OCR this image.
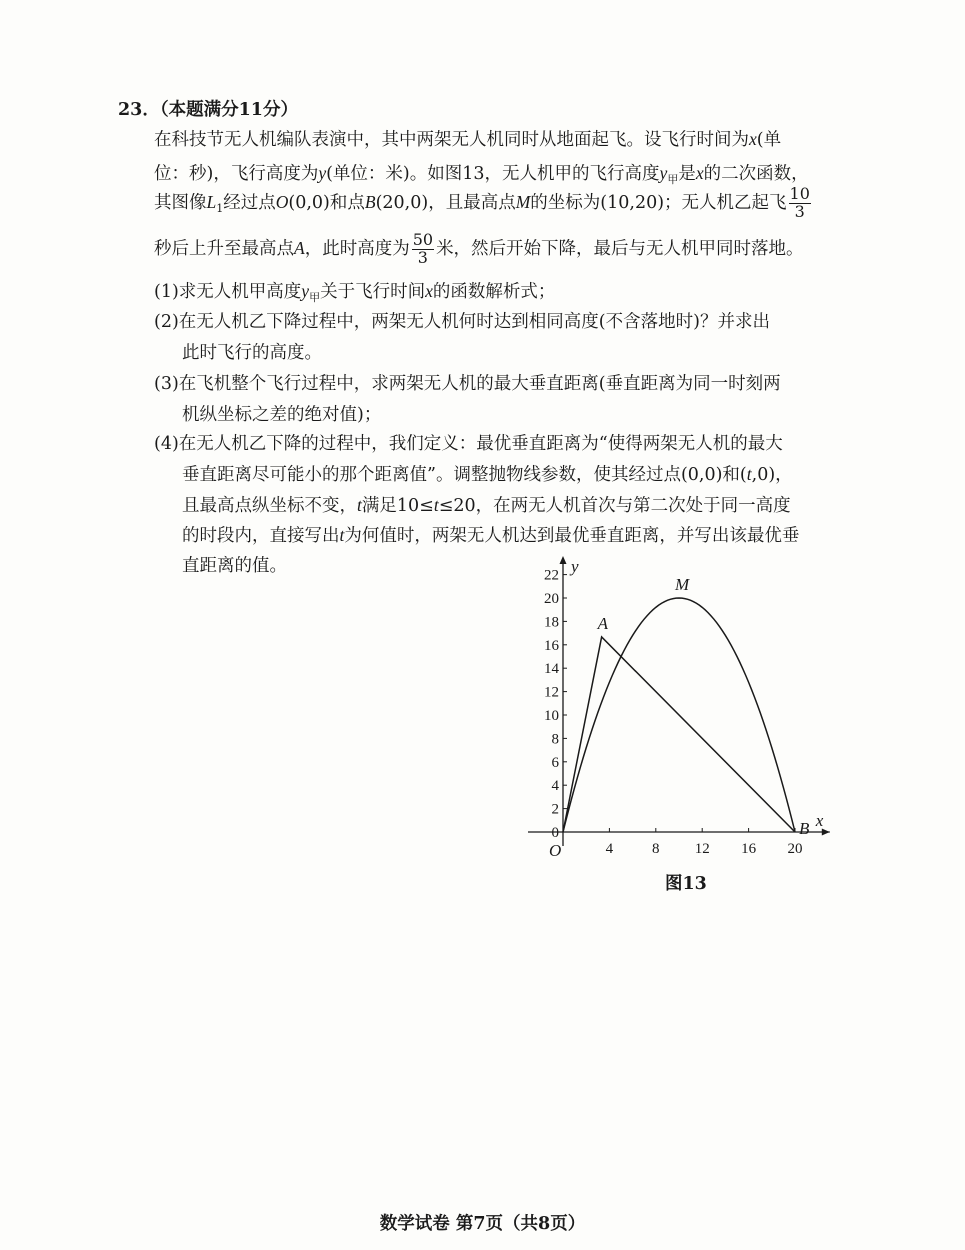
23．（本题满分11分）
在科技节无人机编队表演中，其中两架无人机同时从地面起飞。设飞行时间为x(单
位：秒)，飞行高度为y(单位：米)。如图13，无人机甲的飞行高度$y_甲$是x的二次函数，
其图像$L_1$经过点O(0,0)和点B(20,0)，且最高点M的坐标为(10,20)；无人机乙起飞 $\frac{10}{3}$
秒后上升至最高点A，此时高度为 $\frac{50}{3}$ 米，然后开始下降，最后与无人机甲同时落地。
(1)求无人机甲高度$y_甲$关于飞行时间x的函数解析式；
(2)在无人机乙下降过程中，两架无人机何时达到相同高度(不含落地时)？并求出
此时飞行的高度。
(3)在飞机整个飞行过程中，求两架无人机的最大垂直距离(垂直距离为同一时刻两
机纵坐标之差的绝对值)；
(4)在无人机乙下降的过程中，我们定义：最优垂直距离为“使得两架无人机的最大
垂直距离尽可能小的那个距离值”。调整抛物线参数，使其经过点(0,0)和(t,0)，
且最高点纵坐标不变，t满足10≤t≤20，在两无人机首次与第二次处于同一高度
的时段内，直接写出t为何值时，两架无人机达到最优垂直距离，并写出该最优垂
直距离的值。
0
2
4
6
8
10
12
14
16
18
20
22
4	8 12 16 20
O
A
M
B
y
x
图13
数学试卷 第7页（共8页）
